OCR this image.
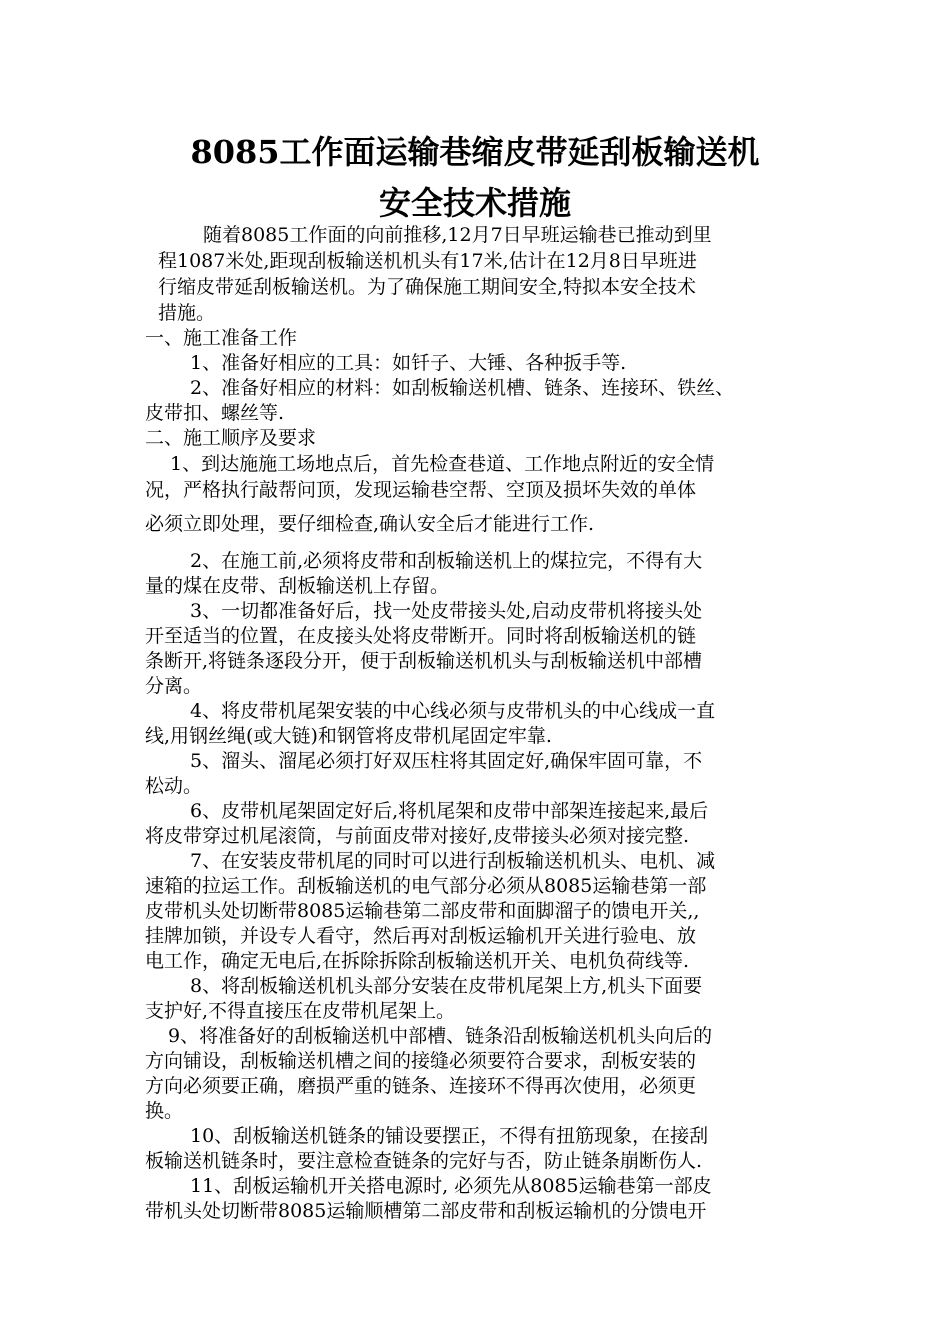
8085工作面运输巷缩皮带延刮板输送机
安全技术措施

随着8085工作面的向前推移,12月7日早班运输巷已推动到里

程1087米处,距现刮板输送机机头有17米,估计在12月8日早班进

行缩皮带延刮板输送机。为了确保施工期间安全,特拟本安全技术

措施。

一、施工准备工作

1、准备好相应的工具：如钎子、大锤、各种扳手等.

2、准备好相应的材料：如刮板输送机槽、链条、连接环、铁丝、

皮带扣、螺丝等.

二、施工顺序及要求

1、到达施施工场地点后，首先检查巷道、工作地点附近的安全情

况，严格执行敲帮问顶，发现运输巷空帮、空顶及损坏失效的单体

必须立即处理，要仔细检查,确认安全后才能进行工作.

2、在施工前,必须将皮带和刮板输送机上的煤拉完，不得有大

量的煤在皮带、刮板输送机上存留。

3、一切都准备好后，找一处皮带接头处,启动皮带机将接头处

开至适当的位置，在皮接头处将皮带断开。同时将刮板输送机的链

条断开,将链条逐段分开，便于刮板输送机机头与刮板输送机中部槽

分离。

4、将皮带机尾架安装的中心线必须与皮带机头的中心线成一直

线,用钢丝绳(或大链)和钢管将皮带机尾固定牢靠.

5、溜头、溜尾必须打好双压柱将其固定好,确保牢固可靠，不

松动。

6、皮带机尾架固定好后,将机尾架和皮带中部架连接起来,最后

将皮带穿过机尾滚筒，与前面皮带对接好,皮带接头必须对接完整.

7、在安装皮带机尾的同时可以进行刮板输送机机头、电机、减

速箱的拉运工作。刮板输送机的电气部分必须从8085运输巷第一部

皮带机头处切断带8085运输巷第二部皮带和面脚溜子的馈电开关,,

挂牌加锁，并设专人看守，然后再对刮板运输机开关进行验电、放

电工作，确定无电后,在拆除拆除刮板输送机开关、电机负荷线等.

8、将刮板输送机机头部分安装在皮带机尾架上方,机头下面要

支护好,不得直接压在皮带机尾架上。

9、将准备好的刮板输送机中部槽、链条沿刮板输送机机头向后的

方向铺设，刮板输送机槽之间的接缝必须要符合要求，刮板安装的

方向必须要正确，磨损严重的链条、连接环不得再次使用，必须更

换。

10、刮板输送机链条的铺设要摆正，不得有扭筋现象，在接刮

板输送机链条时，要注意检查链条的完好与否，防止链条崩断伤人.

11、刮板运输机开关搭电源时, 必须先从8085运输巷第一部皮

带机头处切断带8085运输顺槽第二部皮带和刮板运输机的分馈电开
